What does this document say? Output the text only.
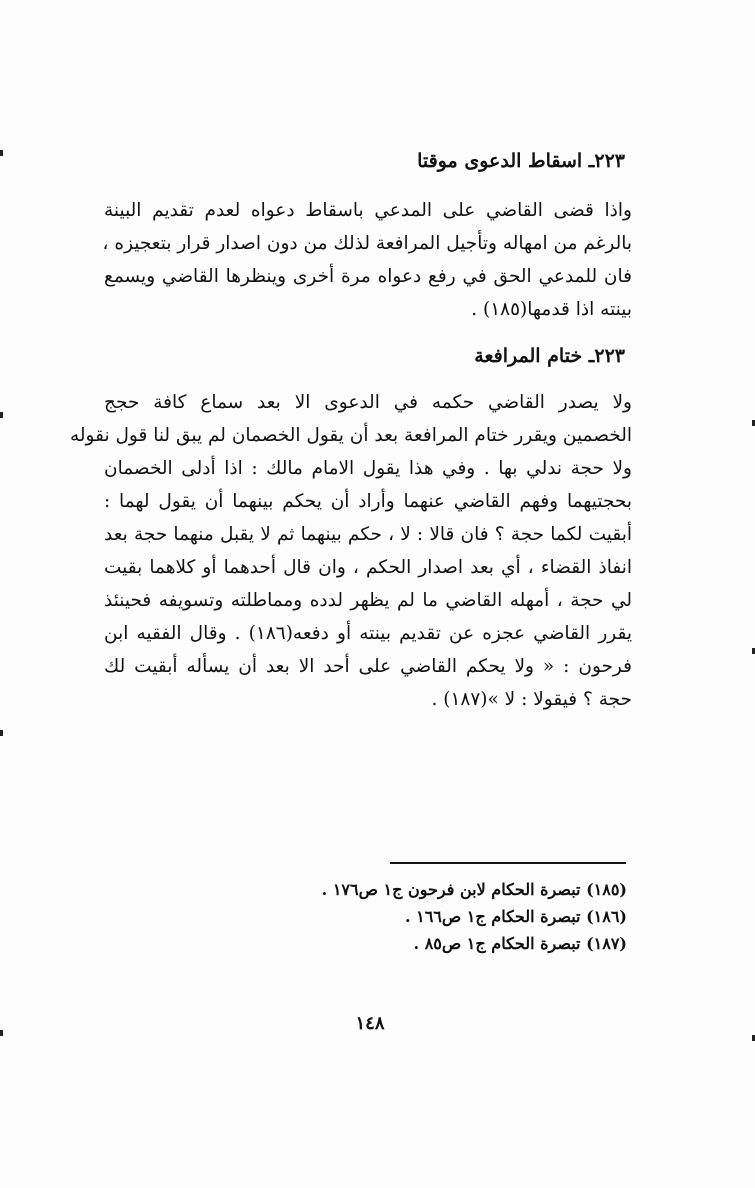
٢٢٣ـ اسقاط الدعوى موقتا
واذا قضى القاضي على المدعي باسقاط دعواه لعدم تقديم البينة
بالرغم من امهاله وتأجيل المرافعة لذلك من دون اصدار قرار بتعجيزه ،
فان للمدعي الحق في رفع دعواه مرة أخرى وينظرها القاضي ويسمع
بينته اذا قدمها(١٨٥) .
٢٢٣ـ ختام المرافعة
ولا يصدر القاضي حكمه في الدعوى الا بعد سماع كافة حجج
الخصمين ويقرر ختام المرافعة بعد أن يقول الخصمان لم يبق لنا قول نقوله
ولا حجة ندلي بها . وفي هذا يقول الامام مالك : اذا أدلى الخصمان
بحجتيهما وفهم القاضي عنهما وأراد أن يحكم بينهما أن يقول لهما :
أبقيت لكما حجة ؟ فان قالا : لا ، حكم بينهما ثم لا يقبل منهما حجة بعد
انفاذ القضاء ، أي بعد اصدار الحكم ، وان قال أحدهما أو كلاهما بقيت
لي حجة ، أمهله القاضي ما لم يظهر لدده ومماطلته وتسويفه فحينئذ
يقرر القاضي عجزه عن تقديم بينته أو دفعه(١٨٦) . وقال الفقيه ابن
فرحون : « ولا يحكم القاضي على أحد الا بعد أن يسأله أبقيت لك
حجة ؟ فيقولا : لا »(١٨٧) .
(١٨٥) تبصرة الحكام لابن فرحون ج١ ص١٧٦ .
(١٨٦) تبصرة الحكام ج١ ص١٦٦ .
(١٨٧) تبصرة الحكام ج١ ص٨٥ .
١٤٨
